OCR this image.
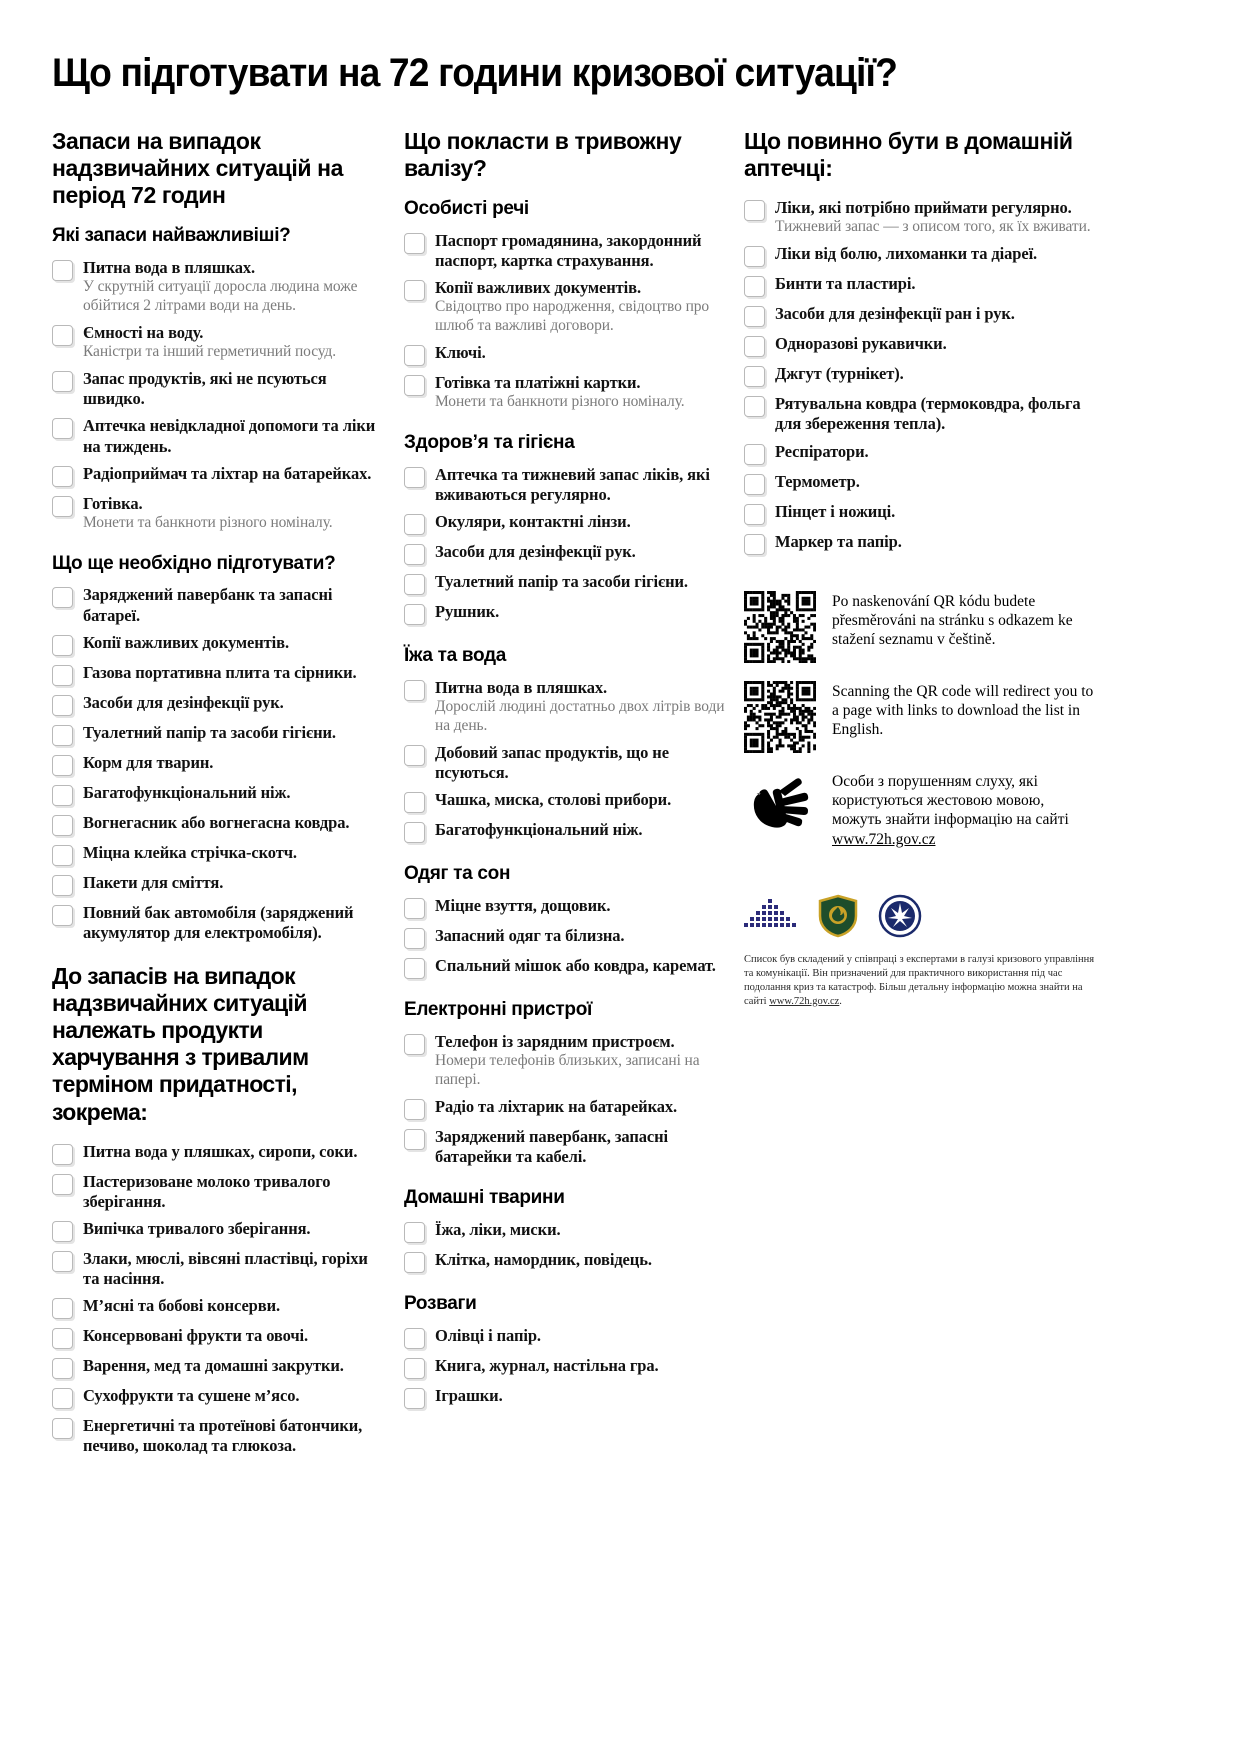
Що підготувати на 72 години кризової ситуації?
Запаси на випадок надзвичайних ситуацій на період 72 годин
Які запаси найважливіші?
Питна вода в пляшках.
У скрутній ситуації доросла людина може обійтися 2 літрами води на день.
Ємності на воду.
Каністри та інший герметичний посуд.
Запас продуктів, які не псуються швидко.
Аптечка невідкладної допомоги та ліки на тиждень.
Радіоприймач та ліхтар на батарейках.
Готівка.
Монети та банкноти різного номіналу.
Що ще необхідно підготувати?
Заряджений павербанк та запасні батареї.
Копії важливих документів.
Газова портативна плита та сірники.
Засоби для дезінфекції рук.
Туалетний папір та засоби гігієни.
Корм для тварин.
Багатофункціональний ніж.
Вогнегасник або вогнегасна ковдра.
Міцна клейка стрічка-скотч.
Пакети для сміття.
Повний бак автомобіля (заряджений акумулятор для електромобіля).
До запасів на випадок надзвичайних ситуацій належать продукти харчування з тривалим терміном придатності, зокрема:
Питна вода у пляшках, сиропи, соки.
Пастеризоване молоко тривалого зберігання.
Випічка тривалого зберігання.
Злаки, мюслі, вівсяні пластівці, горіхи та насіння.
М’ясні та бобові консерви.
Консервовані фрукти та овочі.
Варення, мед та домашні закрутки.
Сухофрукти та сушене м’ясо.
Енергетичні та протеїнові батончики, печиво, шоколад та глюкоза.
Що покласти в тривожну валізу?
Особисті речі
Паспорт громадянина, закордонний паспорт, картка страхування.
Копії важливих документів.
Свідоцтво про народження, свідоцтво про шлюб та важливі договори.
Ключі.
Готівка та платіжні картки.
Монети та банкноти різного номіналу.
Здоров’я та гігієна
Аптечка та тижневий запас ліків, які вживаються регулярно.
Окуляри, контактні лінзи.
Засоби для дезінфекції рук.
Туалетний папір та засоби гігієни.
Рушник.
Їжа та вода
Питна вода в пляшках.
Дорослій людині достатньо двох літрів води на день.
Добовий запас продуктів, що не псуються.
Чашка, миска, столові прибори.
Багатофункціональний ніж.
Одяг та сон
Міцне взуття, дощовик.
Запасний одяг та білизна.
Спальний мішок або ковдра, каремат.
Електронні пристрої
Телефон із зарядним пристроєм.
Номери телефонів близьких, записані на папері.
Радіо та ліхтарик на батарейках.
Заряджений павербанк, запасні батарейки та кабелі.
Домашні тварини
Їжа, ліки, миски.
Клітка, намордник, повідець.
Розваги
Олівці і папір.
Книга, журнал, настільна гра.
Іграшки.
Що повинно бути в домашній аптечці:
Ліки, які потрібно приймати регулярно.
Тижневий запас — з описом того, як їх вживати.
Ліки від болю, лихоманки та діареї.
Бинти та пластирі.
Засоби для дезінфекції ран і рук.
Одноразові рукавички.
Джгут (турнікет).
Рятувальна ковдра (термоковдра, фольга для збереження тепла).
Респіратори.
Термометр.
Пінцет і ножиці.
Маркер та папір.
Po naskenování QR kódu budete přesměrováni na stránku s odkazem ke stažení seznamu v češtině.
Scanning the QR code will redirect you to a page with links to download the list in English.
Особи з порушенням слуху, які користуються жестовою мовою, можуть знайти інформацію на сайті www.72h.gov.cz
Список був складений у співпраці з експертами в галузі кризового управління та комунікації. Він призначений для практичного використання під час подолання криз та катастроф. Більш детальну інформацію можна знайти на сайті www.72h.gov.cz.
